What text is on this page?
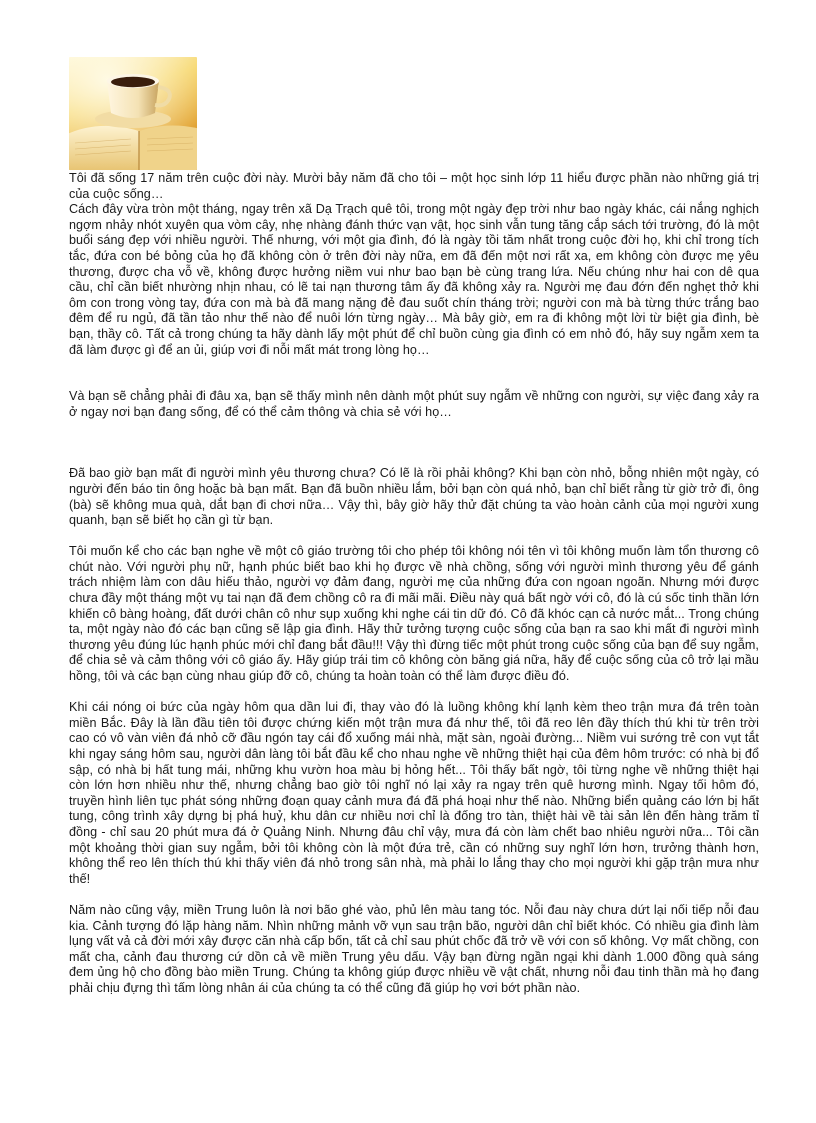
Tôi đã sống 17 năm trên cuộc đời này. Mười bảy năm đã cho tôi – một học sinh lớp 11 hiểu được phần nào những giá trị của cuộc sống…

Cách đây vừa tròn một tháng, ngay trên xã Dạ Trạch quê tôi, trong một ngày đẹp trời như bao ngày khác, cái nắng nghịch ngợm nhảy nhót xuyên qua vòm cây, nhẹ nhàng đánh thức vạn vật, học sinh vẫn tung tăng cắp sách tới trường, đó là một buổi sáng đẹp với nhiều người. Thế nhưng, với một gia đình, đó là ngày tồi tăm nhất trong cuộc đời họ, khi chỉ trong tích tắc, đứa con bé bỏng của họ đã không còn ở trên đời này nữa, em đã đến một nơi rất xa, em không còn được mẹ yêu thương, được cha vỗ về, không được hưởng niềm vui như bao bạn bè cùng trang lứa. Nếu chúng như hai con dê qua cầu, chỉ cần biết nhường nhịn nhau, có lẽ tai nạn thương tâm ấy đã không xảy ra. Người mẹ đau đớn đến nghẹt thở khi ôm con trong vòng tay, đứa con mà bà đã mang nặng đẻ đau suốt chín tháng trời; người con mà bà từng thức trắng bao đêm để ru ngủ, đã tần tảo như thế nào để nuôi lớn từng ngày… Mà bây giờ, em ra đi không một lời từ biệt gia đình, bè bạn, thầy cô. Tất cả trong chúng ta hãy dành lấy một phút để chỉ buồn cùng gia đình có em nhỏ đó, hãy suy ngẫm xem ta đã làm được gì để an ủi, giúp vơi đi nỗi mất mát trong lòng họ…

Và bạn sẽ chẳng phải đi đâu xa, bạn sẽ thấy mình nên dành một phút suy ngẫm về những con người, sự việc đang xảy ra ở ngay nơi bạn đang sống, để có thể cảm thông và chia sẻ với họ…

Đã bao giờ bạn mất đi người mình yêu thương chưa? Có lẽ là rồi phải không? Khi bạn còn nhỏ, bỗng nhiên một ngày, có người đến báo tin ông hoặc bà bạn mất. Bạn đã buồn nhiều lắm, bởi bạn còn quá nhỏ, bạn chỉ biết rằng từ giờ trở đi, ông (bà) sẽ không mua quà, dắt bạn đi chơi nữa… Vậy thì, bây giờ hãy thử đặt chúng ta vào hoàn cảnh của mọi người xung quanh, bạn sẽ biết họ cần gì từ bạn.

Tôi muốn kể cho các bạn nghe về một cô giáo trường tôi cho phép tôi không nói tên vì tôi không muốn làm tổn thương cô chút nào. Với người phụ nữ, hạnh phúc biết bao khi họ được về nhà chồng, sống với người mình thương yêu để gánh trách nhiệm làm con dâu hiếu thảo, người vợ đảm đang, người mẹ của những đứa con ngoan ngoãn. Nhưng mới được chưa đầy một tháng một vụ tai nạn đã đem chồng cô ra đi mãi mãi. Điều này quá bất ngờ với cô, đó là cú sốc tinh thần lớn khiến cô bàng hoàng, đất dưới chân cô như sụp xuống khi nghe cái tin dữ đó. Cô đã khóc cạn cả nước mắt... Trong chúng ta, một ngày nào đó các bạn cũng sẽ lập gia đình. Hãy thử tưởng tượng cuộc sống của bạn ra sao khi mất đi người mình thương yêu đúng lúc hạnh phúc mới chỉ đang bắt đầu!!! Vậy thì đừng tiếc một phút trong cuộc sống của bạn để suy ngẫm, để chia sẻ và cảm thông với cô giáo ấy. Hãy giúp trái tim cô không còn băng giá nữa, hãy để cuộc sống của cô trở lại mầu hồng, tôi và các bạn cùng nhau giúp đỡ cô, chúng ta hoàn toàn có thể làm được điều đó.

Khi cái nóng oi bức của ngày hôm qua dần lui đi, thay vào đó là luồng không khí lạnh kèm theo trận mưa đá trên toàn miền Bắc. Đây là lần đầu tiên tôi được chứng kiến một trận mưa đá như thế, tôi đã reo lên đầy thích thú khi từ trên trời cao có vô vàn viên đá nhỏ cỡ đầu ngón tay cái đổ xuống mái nhà, mặt sàn, ngoài đường... Niềm vui sướng trẻ con vụt tắt khi ngay sáng hôm sau, người dân làng tôi bắt đầu kể cho nhau nghe về những thiệt hại của đêm hôm trước: có nhà bị đổ sập, có nhà bị hất tung mái, những khu vườn hoa màu bị hỏng hết... Tôi thấy bất ngờ, tôi từng nghe về những thiệt hại còn lớn hơn nhiều như thế, nhưng chẳng bao giờ tôi nghĩ nó lại xảy ra ngay trên quê hương mình. Ngay tối hôm đó, truyền hình liên tục phát sóng những đoạn quay cảnh mưa đá đã phá hoại như thế nào. Những biển quảng cáo lớn bị hất tung, công trình xây dựng bị phá huỷ, khu dân cư nhiều nơi chỉ là đống tro tàn, thiệt hài về tài sản lên đến hàng trăm tỉ đồng - chỉ sau 20 phút mưa đá ở Quảng Ninh. Nhưng đâu chỉ vậy, mưa đá còn làm chết bao nhiêu người nữa... Tôi cần một khoảng thời gian suy ngẫm, bởi tôi không còn là một đứa trẻ, cần có những suy nghĩ lớn hơn, trưởng thành hơn, không thể reo lên thích thú khi thấy viên đá nhỏ trong sân nhà, mà phải lo lắng thay cho mọi người khi gặp trận mưa như thế!

Năm nào cũng vậy, miền Trung luôn là nơi bão ghé vào, phủ lên màu tang tóc. Nỗi đau này chưa dứt lại nối tiếp nỗi đau kia. Cảnh tượng đó lặp hàng năm. Nhìn những mảnh vỡ vụn sau trận bão, người dân chỉ biết khóc. Có nhiều gia đình làm lụng vất vả cả đời mới xây được căn nhà cấp bốn, tất cả chỉ sau phút chốc đã trở về với con số không. Vợ mất chồng, con mất cha, cảnh đau thương cứ dồn cả về miền Trung yêu dấu. Vậy bạn đừng ngần ngại khi dành 1.000 đồng quà sáng đem ủng hộ cho đồng bào miền Trung. Chúng ta không giúp được nhiều về vật chất, nhưng nỗi đau tinh thần mà họ đang phải chịu đựng thì tấm lòng nhân ái của chúng ta có thể cũng đã giúp họ vơi bớt phần nào.
